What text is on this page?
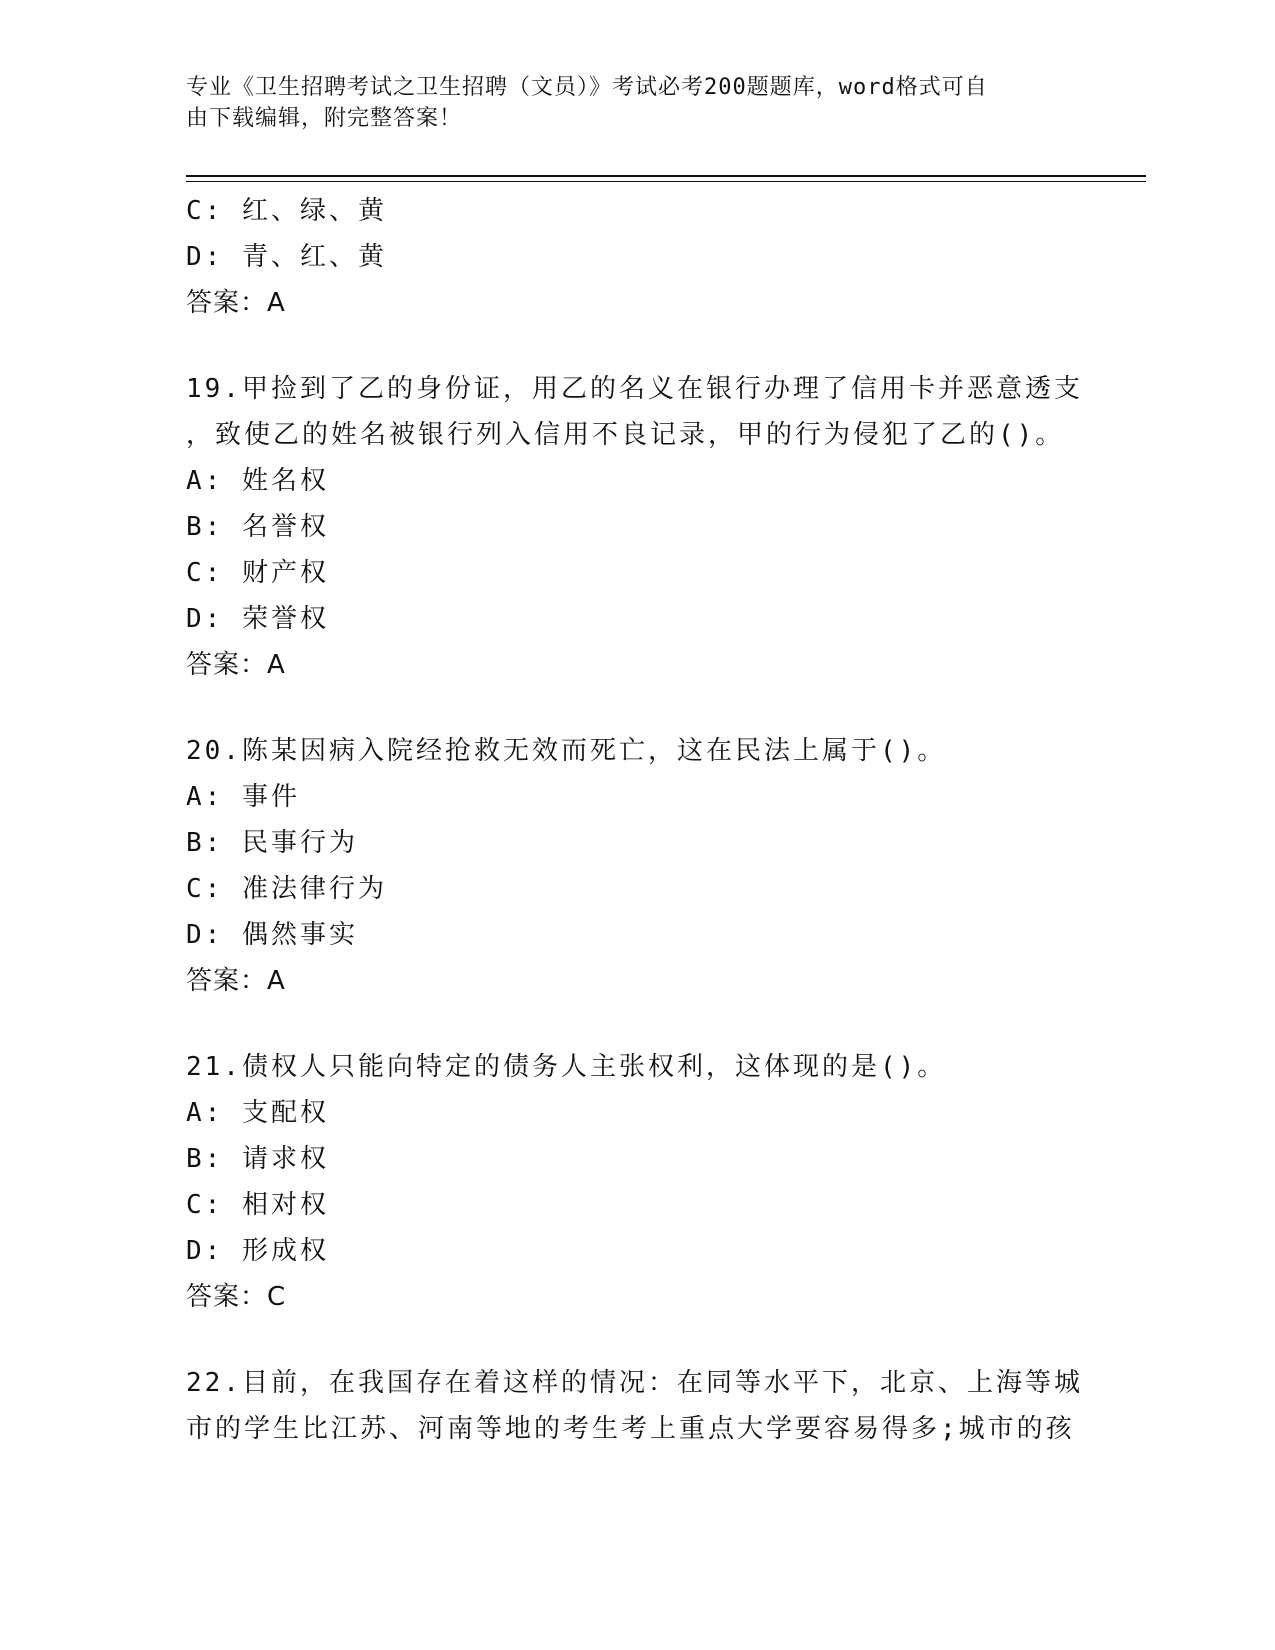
专业《卫生招聘考试之卫生招聘（文员）》考试必考200题题库，word格式可自
由下载编辑，附完整答案！
C: 红、绿、黄
D: 青、红、黄
答案：A
19.甲捡到了乙的身份证，用乙的名义在银行办理了信用卡并恶意透支
，致使乙的姓名被银行列入信用不良记录，甲的行为侵犯了乙的()。
A: 姓名权
B: 名誉权
C: 财产权
D: 荣誉权
答案：A
20.陈某因病入院经抢救无效而死亡，这在民法上属于()。
A: 事件
B: 民事行为
C: 准法律行为
D: 偶然事实
答案：A
21.债权人只能向特定的债务人主张权利，这体现的是()。
A: 支配权
B: 请求权
C: 相对权
D: 形成权
答案：C
22.目前，在我国存在着这样的情况：在同等水平下，北京、上海等城
市的学生比江苏、河南等地的考生考上重点大学要容易得多;城市的孩
